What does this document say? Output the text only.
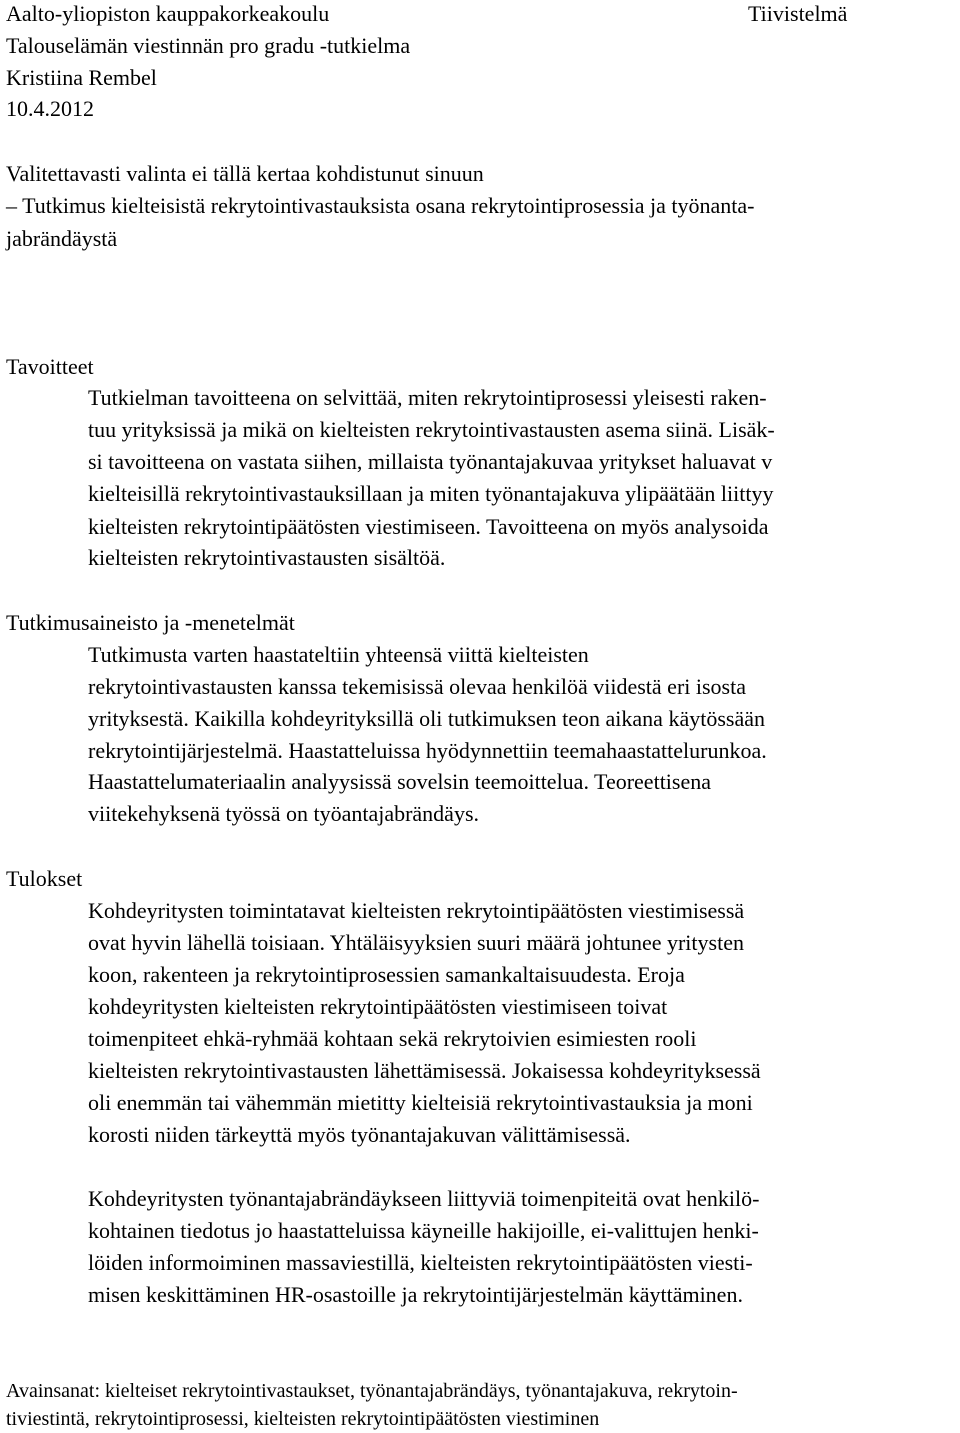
Aalto-yliopiston kauppakorkeakoulu	Tiivistelmä
Talouselämän viestinnän pro gradu -tutkielma
Kristiina Rembel
10.4.2012
Valitettavasti valinta ei tällä kertaa kohdistunut sinuun
– Tutkimus kielteisistä rekrytointivastauksista osana rekrytointiprosessia ja työnanta-
jabrändäystä
Tavoitteet
Tutkielman tavoitteena on selvittää, miten rekrytointiprosessi yleisesti raken-
tuu yrityksissä ja mikä on kielteisten rekrytointivastausten asema siinä. Lisäk-
si tavoitteena on vastata siihen, millaista työnantajakuvaa yritykset haluavat v
kielteisillä rekrytointivastauksillaan ja miten työnantajakuva ylipäätään liittyy
kielteisten rekrytointipäätösten viestimiseen. Tavoitteena on myös analysoida
kielteisten rekrytointivastausten sisältöä.
Tutkimusaineisto ja -menetelmät
Tutkimusta varten haastateltiin yhteensä viittä kielteisten
rekrytointivastausten kanssa tekemisissä olevaa henkilöä viidestä eri isosta
yrityksestä. Kaikilla kohdeyrityksillä oli tutkimuksen teon aikana käytössään
rekrytointijärjestelmä. Haastatteluissa hyödynnettiin teemahaastattelurunkoa.
Haastattelumateriaalin analyysissä sovelsin teemoittelua. Teoreettisena
viitekehyksenä työssä on työantajabrändäys.
Tulokset
Kohdeyritysten toimintatavat kielteisten rekrytointipäätösten viestimisessä
ovat hyvin lähellä toisiaan. Yhtäläisyyksien suuri määrä johtunee yritysten
koon, rakenteen ja rekrytointiprosessien samankaltaisuudesta. Eroja
kohdeyritysten kielteisten rekrytointipäätösten viestimiseen toivat
toimenpiteet ehkä-ryhmää kohtaan sekä rekrytoivien esimiesten rooli
kielteisten rekrytointivastausten lähettämisessä. Jokaisessa kohdeyrityksessä
oli enemmän tai vähemmän mietitty kielteisiä rekrytointivastauksia ja moni
korosti niiden tärkeyttä myös työnantajakuvan välittämisessä.
Kohdeyritysten työnantajabrändäykseen liittyviä toimenpiteitä ovat henkilö-
kohtainen tiedotus jo haastatteluissa käyneille hakijoille, ei-valittujen henki-
löiden informoiminen massaviestillä, kielteisten rekrytointipäätösten viesti-
misen keskittäminen HR-osastoille ja rekrytointijärjestelmän käyttäminen.
Avainsanat: kielteiset rekrytointivastaukset, työnantajabrändäys, työnantajakuva, rekrytoin-
tiviestintä, rekrytointiprosessi, kielteisten rekrytointipäätösten viestiminen
